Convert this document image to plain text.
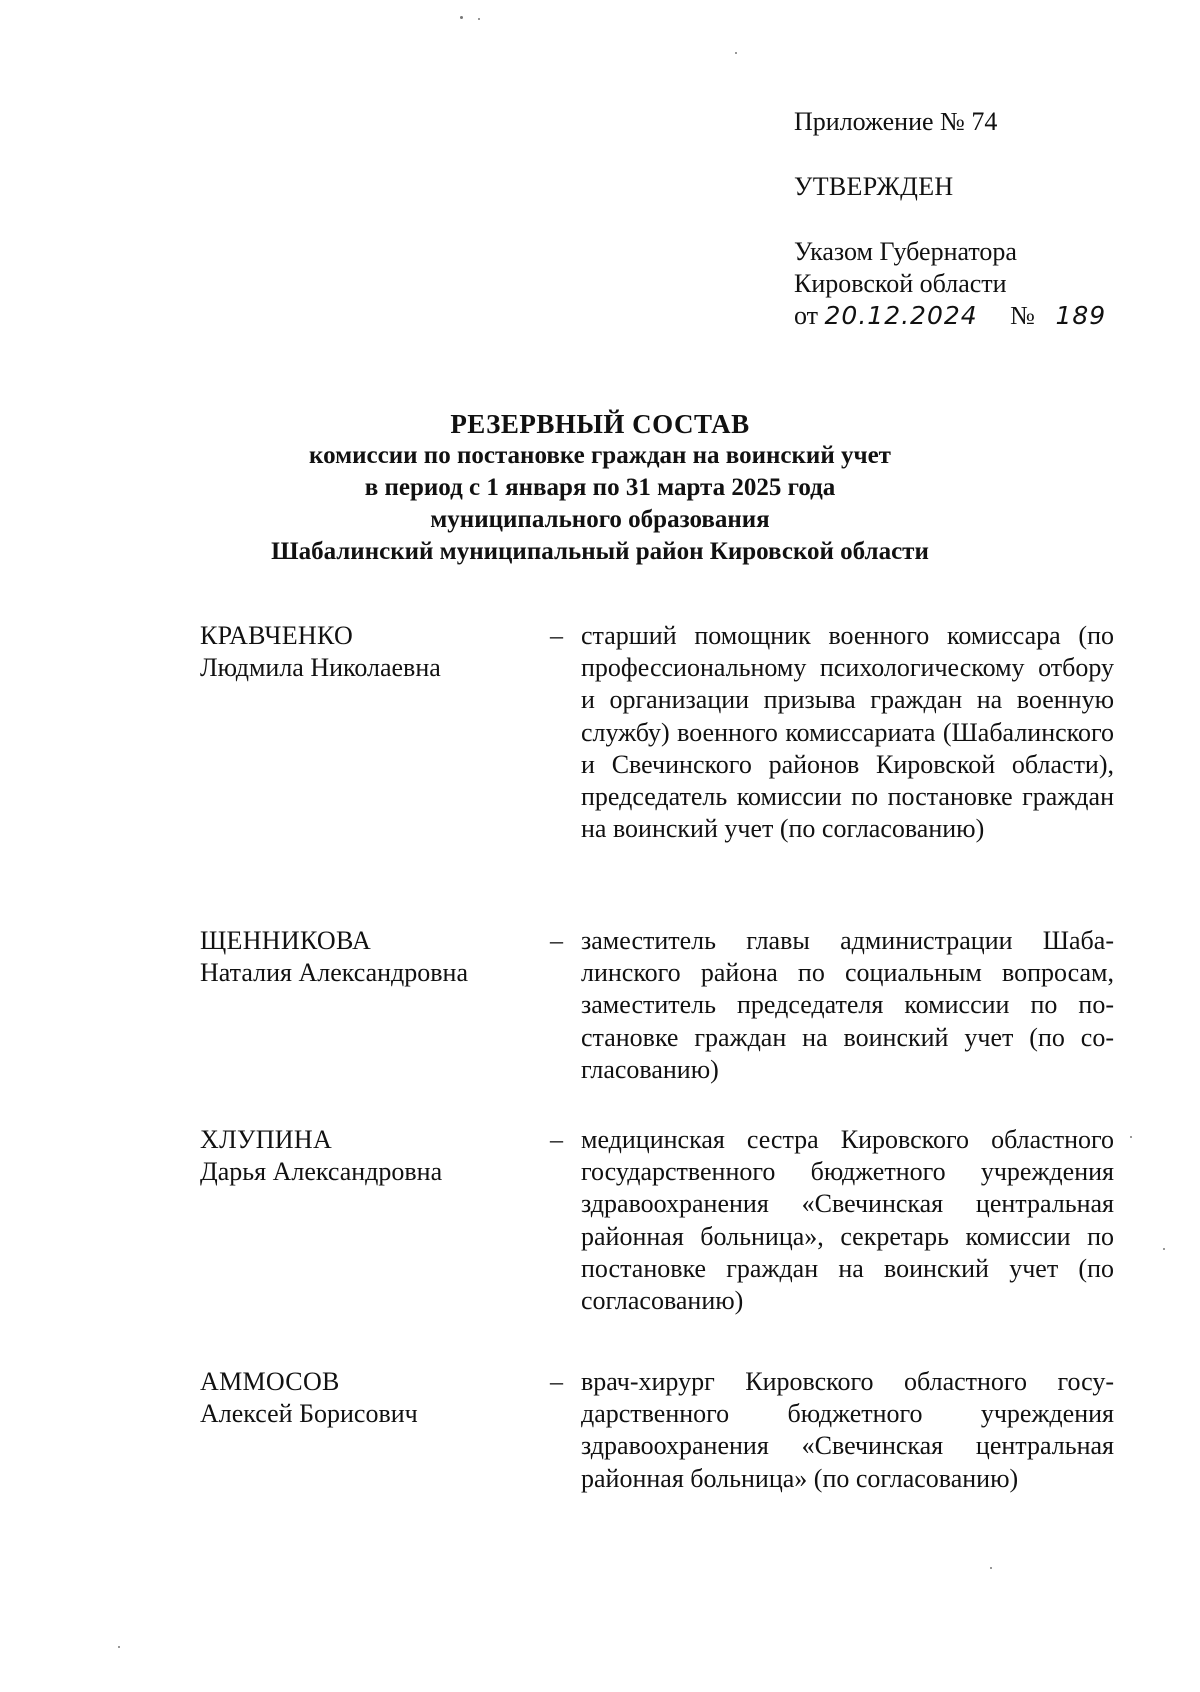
Приложение № 74

УТВЕРЖДЕН

Указом Губернатора

Кировской области

от 20.12.2024 № 189

РЕЗЕРВНЫЙ СОСТАВ
комиссии по постановке граждан на воинский учет
в период с 1 января по 31 марта 2025 года
муниципального образования
Шабалинский муниципальный район Кировской области
КРАВЧЕНКО
Людмила Николаевна
– старший помощник военного комиссара (по профессиональному психологическому отбору и организации призыва граждан на военную службу) военного комиссариата (Шабалинского и Свечинского районов Кировской области), председатель комиссии по постановке граждан на воинский учет (по согласованию)
ЩЕННИКОВА
Наталия Александровна
– заместитель главы администрации Шабалинского района по социальным вопросам, заместитель председателя комиссии по постановке граждан на воинский учет (по согласованию)
ХЛУПИНА
Дарья Александровна
– медицинская сестра Кировского областного государственного бюджетного учреждения здравоохранения «Свечинская центральная районная больница», секретарь комиссии по постановке граждан на воинский учет (по согласованию)
АММОСОВ
Алексей Борисович
– врач-хирург Кировского областного государственного бюджетного учреждения здравоохранения «Свечинская центральная районная больница» (по согласованию)
